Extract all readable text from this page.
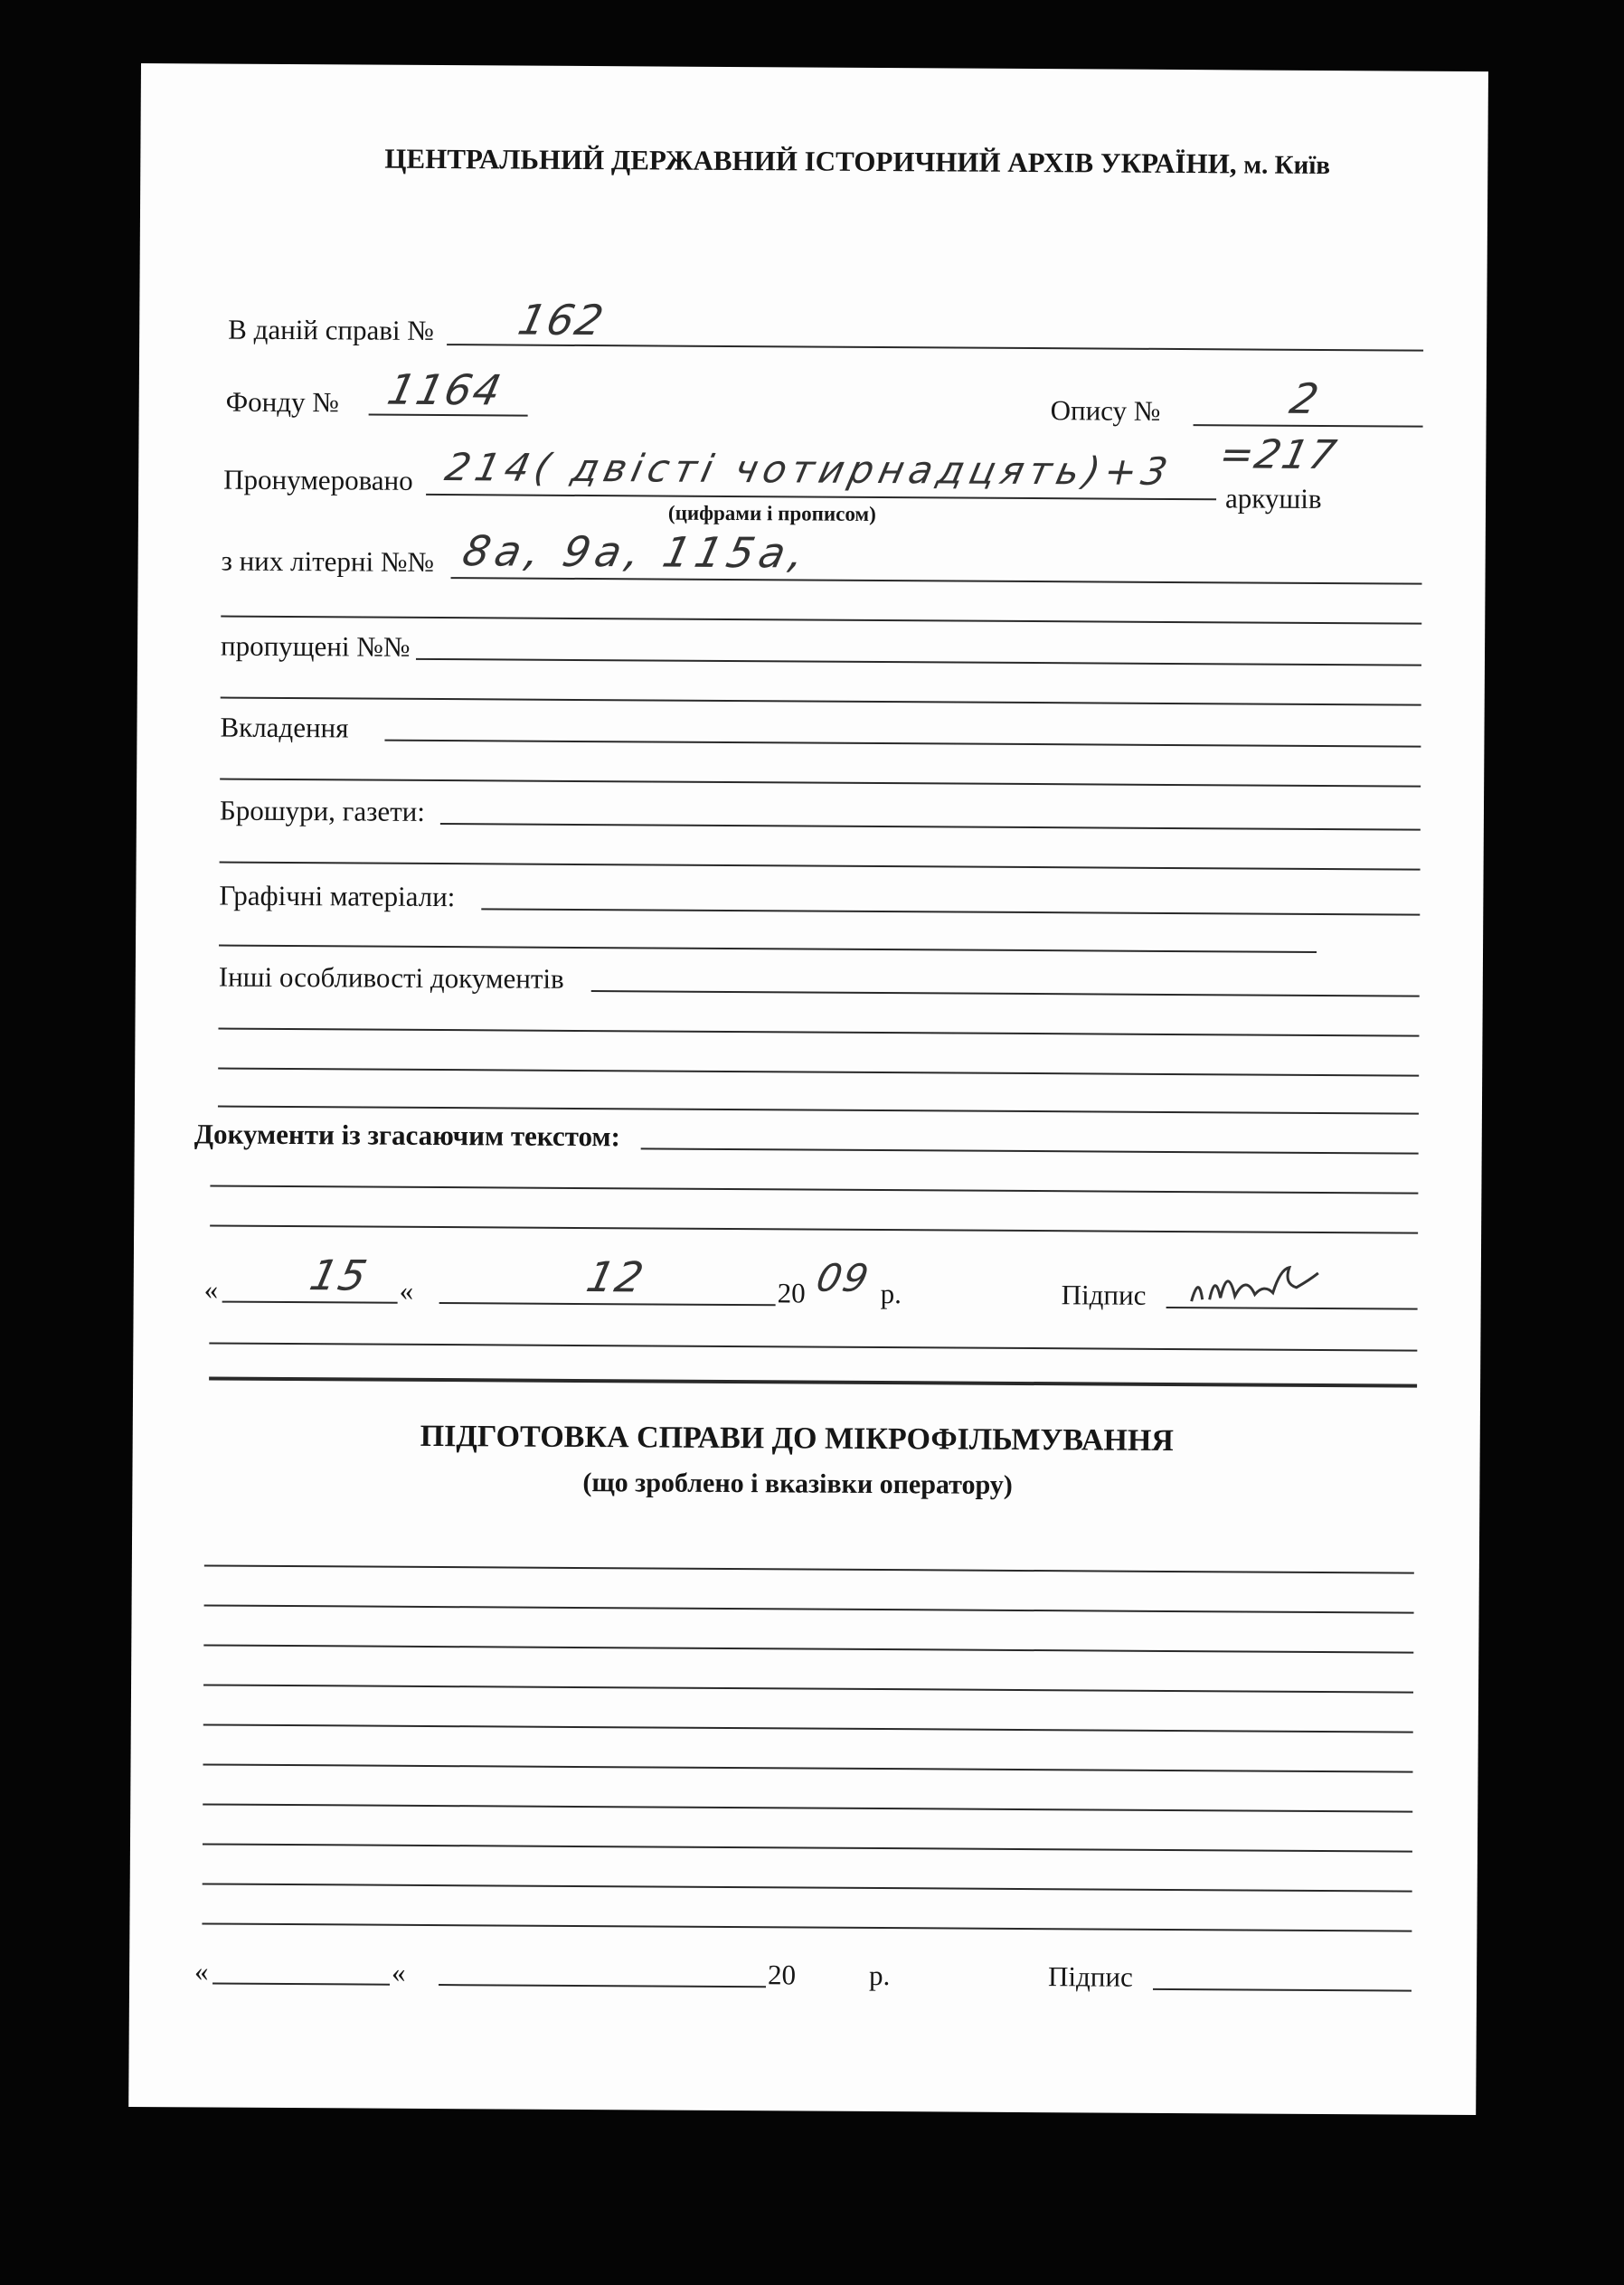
ЦЕНТРАЛЬНИЙ ДЕРЖАВНИЙ ІСТОРИЧНИЙ АРХІВ УКРАЇНИ, м. Київ
В даній справі № 162
Фонду № 1164	Опису №	2
Пронумеровано 214( двісті чотирнадцять)+3 =217
аркушів
(цифрами і прописом)
з них літерні №№ 8а, 9а, 115а,
пропущені №№
Вкладення
Брошури, газети:
Графічні матеріали:
Інші особливості документів
Документи із згасаючим текстом:
« 15 «	12	20 09 р.	Підпис
ПІДГОТОВКА СПРАВИ ДО МІКРОФІЛЬМУВАННЯ
(що зроблено і вказівки оператору)
«	«	20	р.	Підпис
